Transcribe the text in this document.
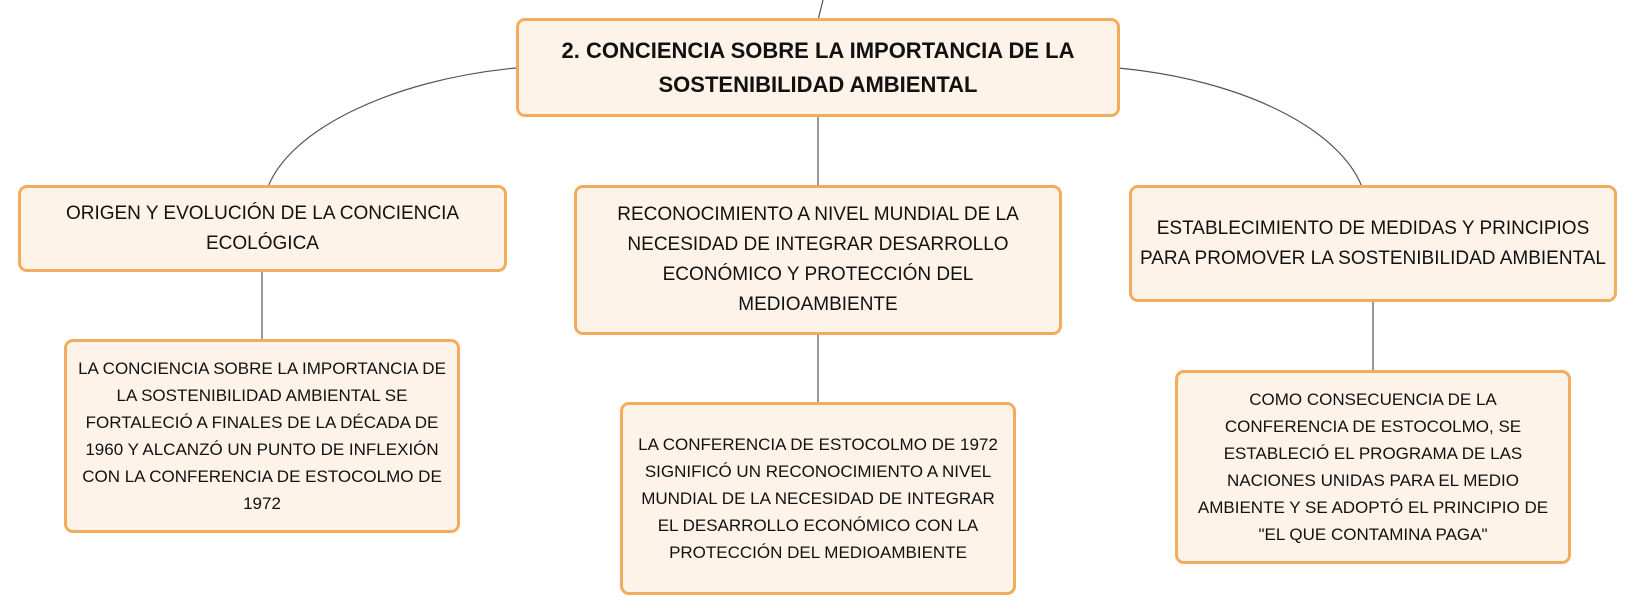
2. CONCIENCIA SOBRE LA IMPORTANCIA DE LA SOSTENIBILIDAD AMBIENTAL
ORIGEN Y EVOLUCIÓN DE LA CONCIENCIA ECOLÓGICA
RECONOCIMIENTO A NIVEL MUNDIAL DE LA NECESIDAD DE INTEGRAR DESARROLLO ECONÓMICO Y PROTECCIÓN DEL MEDIOAMBIENTE
ESTABLECIMIENTO DE MEDIDAS Y PRINCIPIOS PARA PROMOVER LA SOSTENIBILIDAD AMBIENTAL
LA CONCIENCIA SOBRE LA IMPORTANCIA DE LA SOSTENIBILIDAD AMBIENTAL SE FORTALECIÓ A FINALES DE LA DÉCADA DE 1960 Y ALCANZÓ UN PUNTO DE INFLEXIÓN CON LA CONFERENCIA DE ESTOCOLMO DE 1972
LA CONFERENCIA DE ESTOCOLMO DE 1972 SIGNIFICÓ UN RECONOCIMIENTO A NIVEL MUNDIAL DE LA NECESIDAD DE INTEGRAR EL DESARROLLO ECONÓMICO CON LA PROTECCIÓN DEL MEDIOAMBIENTE
COMO CONSECUENCIA DE LA CONFERENCIA DE ESTOCOLMO, SE ESTABLECIÓ EL PROGRAMA DE LAS NACIONES UNIDAS PARA EL MEDIO AMBIENTE Y SE ADOPTÓ EL PRINCIPIO DE "EL QUE CONTAMINA PAGA"
